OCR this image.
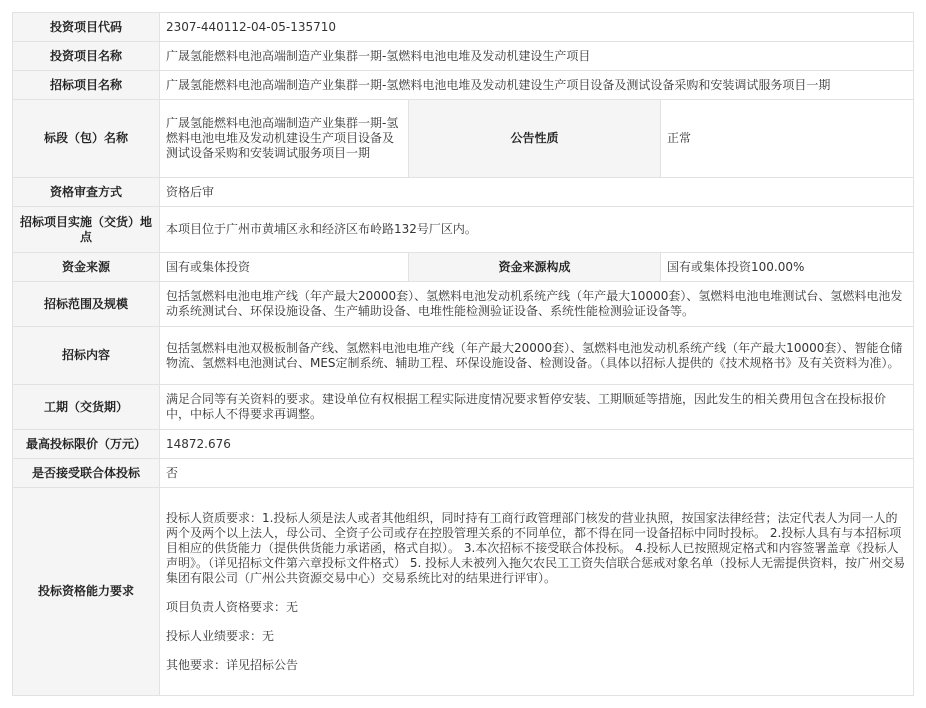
投资项目代码	2307-440112-04-05-135710		
投资项目名称	广晟氢能燃料电池高端制造产业集群一期-氢燃料电池电堆及发动机建设生产项目		
招标项目名称	广晟氢能燃料电池高端制造产业集群一期-氢燃料电池电堆及发动机建设生产项目设备及测试设备采购和安装调试服务项目一期		
标段（包）名称	广晟氢能燃料电池高端制造产业集群一期-氢燃料电池电堆及发动机建设生产项目设备及测试设备采购和安装调试服务项目一期	公告性质	正常
资格审查方式	资格后审		
招标项目实施（交货）地点	本项目位于广州市黄埔区永和经济区布岭路132号厂区内。		
资金来源	国有或集体投资	资金来源构成	国有或集体投资100.00%
招标范围及规模	包括氢燃料电池电堆产线（年产最大20000套）、氢燃料电池发动机系统产线（年产最大10000套）、氢燃料电池电堆测试台、氢燃料电池发动系统测试台、环保设施设备、生产辅助设备、电堆性能检测验证设备、系统性能检测验证设备等。		
招标内容	包括氢燃料电池双极板制备产线、氢燃料电池电堆产线（年产最大20000套）、氢燃料电池发动机系统产线（年产最大10000套）、智能仓储物流、氢燃料电池测试台、MES定制系统、辅助工程、环保设施设备、检测设备。（具体以招标人提供的《技术规格书》及有关资料为准）。		
工期（交货期）	满足合同等有关资料的要求。建设单位有权根据工程实际进度情况要求暂停安装、工期顺延等措施，因此发生的相关费用包含在投标报价中，中标人不得要求再调整。		
最高投标限价（万元）	14872.676		
是否接受联合体投标	否		
投标资格能力要求	投标人资质要求：1.投标人须是法人或者其他组织，同时持有工商行政管理部门核发的营业执照，按国家法律经营；法定代表人为同一人的两个及两个以上法人，母公司、全资子公司或存在控股管理关系的不同单位，都不得在同一设备招标中同时投标。 2.投标人具有与本招标项目相应的供货能力（提供供货能力承诺函，格式自拟）。 3.本次招标不接受联合体投标。 4.投标人已按照规定格式和内容签署盖章《投标人声明》。（详见招标文件第六章投标文件格式） 5. 投标人未被列入拖欠农民工工资失信联合惩戒对象名单（投标人无需提供资料，按广州交易集团有限公司（广州公共资源交易中心）交易系统比对的结果进行评审）。
项目负责人资格要求：无
投标人业绩要求：无
其他要求：详见招标公告		
